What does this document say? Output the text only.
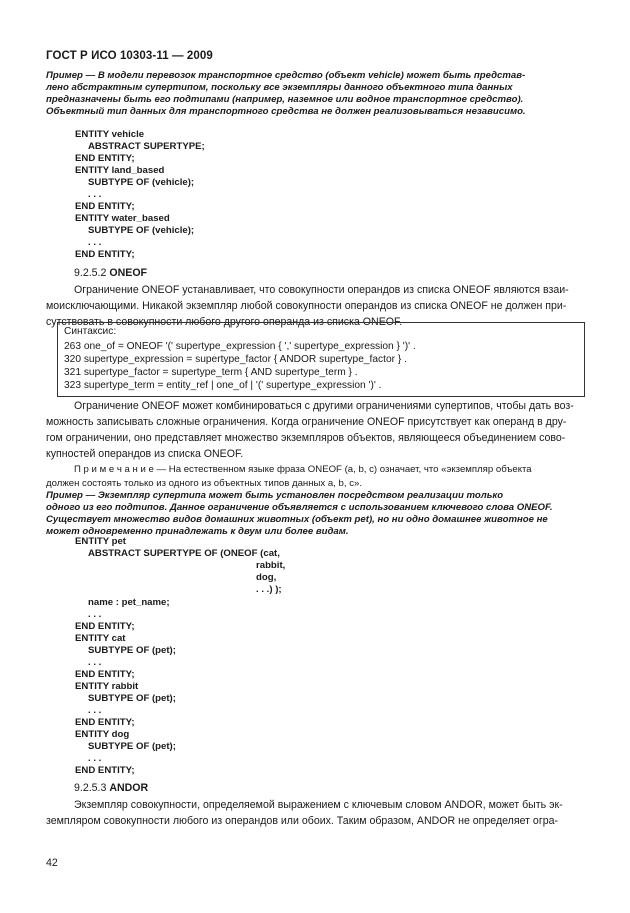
ГОСТ Р ИСО 10303-11 — 2009
Пример — В модели перевозок транспортное средство (объект vehicle) может быть представ-
лено абстрактным супертипом, поскольку все экземпляры данного объектного типа данных
предназначены быть его подтипами (например, наземное или водное транспортное средство).
Объектный тип данных для транспортного средства не должен реализовываться независимо.
ENTITY vehicle
ABSTRACT SUPERTYPE;
END ENTITY;
ENTITY land_based
SUBTYPE OF (vehicle);
. . .
END ENTITY;
ENTITY water_based
SUBTYPE OF (vehicle);
. . .
END ENTITY;
9.2.5.2 ONEOF
Ограничение ONEOF устанавливает, что совокупности операндов из списка ONEOF являются взаи-
моисключающими. Никакой экземпляр любой совокупности операндов из списка ONEOF не должен при-
сутствовать в совокупности любого другого операнда из списка ONEOF.
Синтаксис:
263 one_of = ONEOF '(' supertype_expression { ',' supertype_expression } ')' .
320 supertype_expression = supertype_factor { ANDOR supertype_factor } .
321 supertype_factor = supertype_term { AND supertype_term } .
323 supertype_term = entity_ref | one_of | '(' supertype_expression ')' .
Ограничение ONEOF может комбинироваться с другими ограничениями супертипов, чтобы дать воз-
можность записывать сложные ограничения. Когда ограничение ONEOF присутствует как операнд в дру-
гом ограничении, оно представляет множество экземпляров объектов, являющееся объединением сово-
купностей операндов из списка ONEOF.
П р и м е ч а н и е — На естественном языке фраза ONEOF (a, b, c) означает, что «экземпляр объекта
должен состоять только из одного из объектных типов данных a, b, c».
Пример — Экземпляр супертипа может быть установлен посредством реализации только
одного из его подтипов. Данное ограничение объявляется с использованием ключевого слова ONEOF.
Существует множество видов домашних животных (объект pet), но ни одно домашнее животное не
может одновременно принадлежать к двум или более видам.
ENTITY pet
ABSTRACT SUPERTYPE OF (ONEOF (cat,
rabbit,
dog,
. . .) );
name : pet_name;
. . .
END ENTITY;
ENTITY cat
SUBTYPE OF (pet);
. . .
END ENTITY;
ENTITY rabbit
SUBTYPE OF (pet);
. . .
END ENTITY;
ENTITY dog
SUBTYPE OF (pet);
. . .
END ENTITY;
9.2.5.3 ANDOR
Экземпляр совокупности, определяемой выражением с ключевым словом ANDOR, может быть эк-
земпляром совокупности любого из операндов или обоих. Таким образом, ANDOR не определяет огра-
42
